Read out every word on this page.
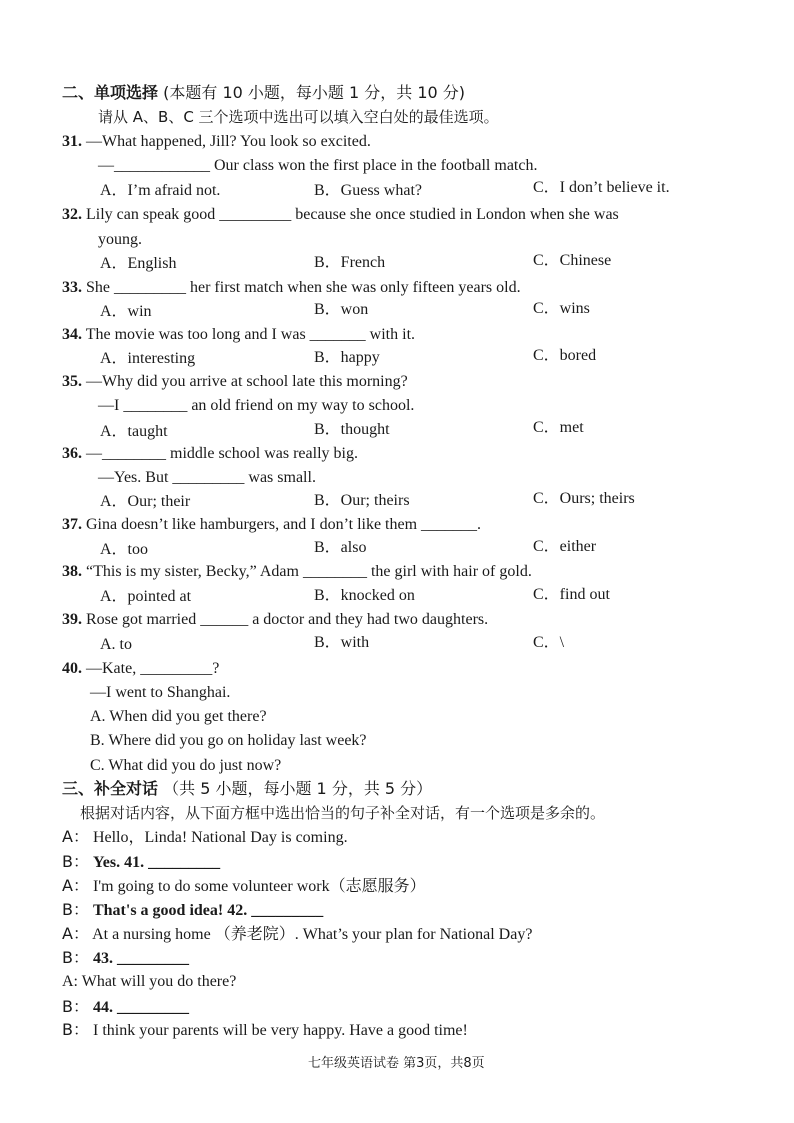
二、单项选择 (本题有 10 小题，每小题 1 分，共 10 分)
请从 A、B、C 三个选项中选出可以填入空白处的最佳选项。
31. —What happened, Jill? You look so excited.
—____________ Our class won the first place in the football match.
A．I’m afraid not.	B．Guess what?	C．I don’t believe it.
32. Lily can speak good _________ because she once studied in London when she was
young.
A．English	B．French	C．Chinese
33. She _________ her first match when she was only fifteen years old.
A．win	B．won	C．wins
34. The movie was too long and I was _______ with it.
A．interesting	B．happy	C．bored
35. —Why did you arrive at school late this morning?
—I ________ an old friend on my way to school.
A．taught	B．thought	C．met
36. —________ middle school was really big.
—Yes. But _________ was small.
A．Our; their	B．Our; theirs	C．Ours; theirs
37. Gina doesn’t like hamburgers, and I don’t like them _______.
A．too	B．also	C．either
38. “This is my sister, Becky,” Adam ________ the girl with hair of gold.
A．pointed at	B．knocked on	C．find out
39. Rose got married ______ a doctor and they had two daughters.
A. to	B．with	C．\
40. —Kate, _________?
—I went to Shanghai.
A. When did you get there?
B. Where did you go on holiday last week?
C. What did you do just now?
三、补全对话 （共 5 小题，每小题 1 分，共 5 分）
根据对话内容，从下面方框中选出恰当的句子补全对话，有一个选项是多余的。
A： Hello，Linda! National Day is coming.
B： Yes. 41. _________
A： I'm going to do some volunteer work（志愿服务）
B： That's a good idea! 42. _________
A： At a nursing home （养老院）. What’s your plan for National Day?
B： 43. _________
A: What will you do there?
B： 44. _________
B： I think your parents will be very happy. Have a good time!
七年级英语试卷 第3页，共8页
